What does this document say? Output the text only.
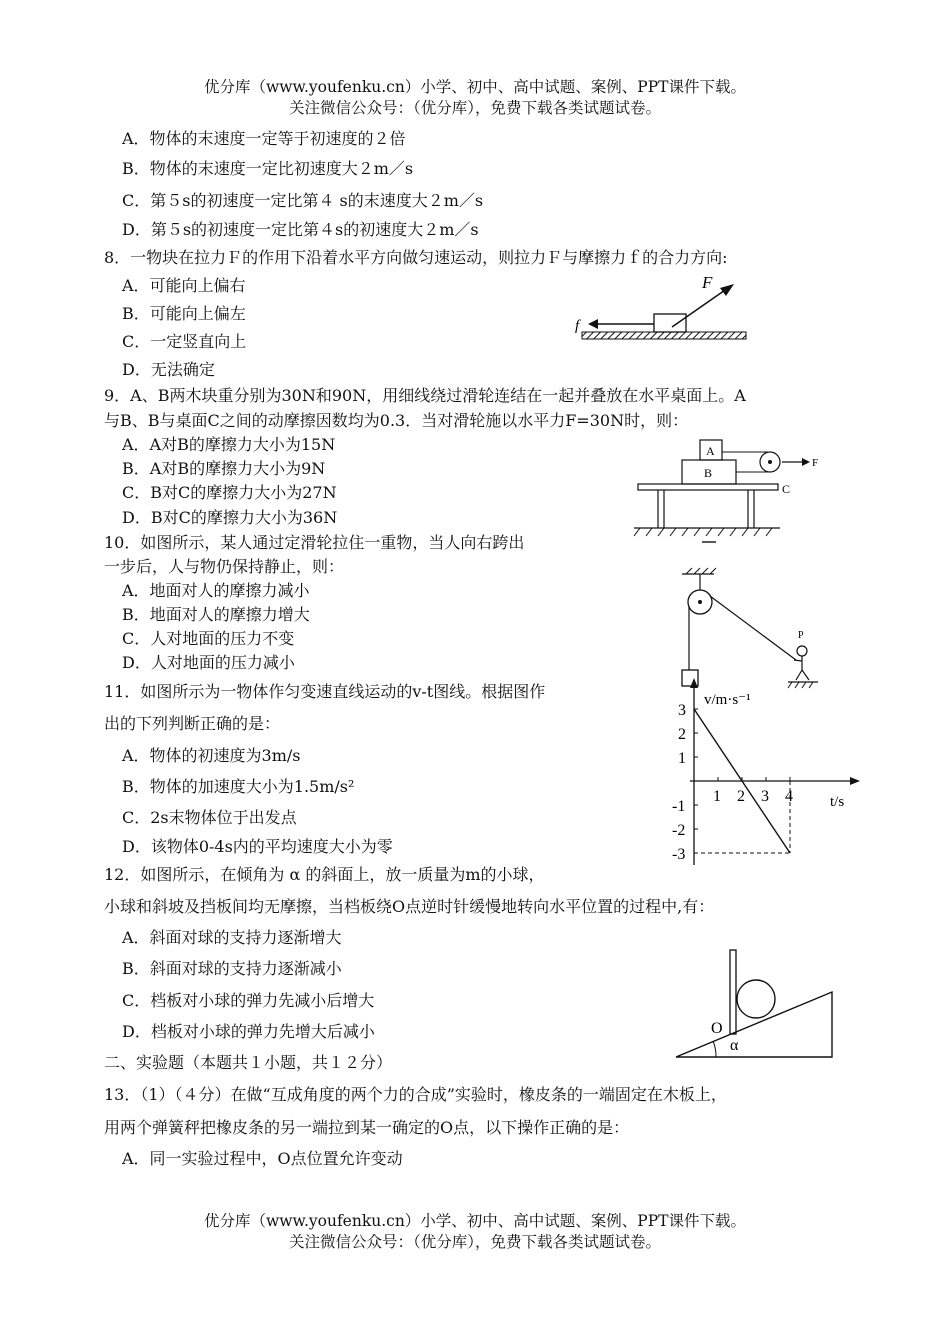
优分库（www.youfenku.cn）小学、初中、高中试题、案例、PPT课件下载。
关注微信公众号：（优分库），免费下载各类试题试卷。
A．物体的末速度一定等于初速度的２倍
B．物体的末速度一定比初速度大２m／s
C．第５s的初速度一定比第４ s的末速度大２m／s
D．第５s的初速度一定比第４s的初速度大２m／s
8．一物块在拉力Ｆ的作用下沿着水平方向做匀速运动，则拉力Ｆ与摩擦力ｆ的合力方向:
A．可能向上偏右
B．可能向上偏左
C．一定竖直向上
D．无法确定
F
f
9．A、B两木块重分别为30N和90N，用细线绕过滑轮连结在一起并叠放在水平桌面上。A
与B、B与桌面C之间的动摩擦因数均为0.3．当对滑轮施以水平力F=30N时，则：
A．A对B的摩擦力大小为15N
B．A对B的摩擦力大小为9N
C．B对C的摩擦力大小为27N
D．B对C的摩擦力大小为36N
A
B
F
C
10．如图所示，某人通过定滑轮拉住一重物，当人向右跨出
一步后，人与物仍保持静止，则：
A．地面对人的摩擦力减小
B．地面对人的摩擦力增大
C．人对地面的压力不变
D．人对地面的压力减小
P
11．如图所示为一物体作匀变速直线运动的v-t图线。根据图作
出的下列判断正确的是：
A．物体的初速度为3m/s
B．物体的加速度大小为1.5m/s²
C．2s末物体位于出发点
D．该物体0-4s内的平均速度大小为零
v/m·s⁻¹
t/s
1 2 3 4
3
2
1
-1
-2
-3
12．如图所示，在倾角为 α 的斜面上，放一质量为m的小球，
小球和斜坡及挡板间均无摩擦，当档板绕O点逆时针缓慢地转向水平位置的过程中,有：
A．斜面对球的支持力逐渐增大
B．斜面对球的支持力逐渐减小
C．档板对小球的弹力先减小后增大
D．档板对小球的弹力先增大后减小	O
α
二、实验题（本题共１小题，共１２分）
13．（1）（４分）在做“互成角度的两个力的合成”实验时，橡皮条的一端固定在木板上，
用两个弹簧秤把橡皮条的另一端拉到某一确定的O点，以下操作正确的是：
A．同一实验过程中，O点位置允许变动
优分库（www.youfenku.cn）小学、初中、高中试题、案例、PPT课件下载。
关注微信公众号：（优分库），免费下载各类试题试卷。
